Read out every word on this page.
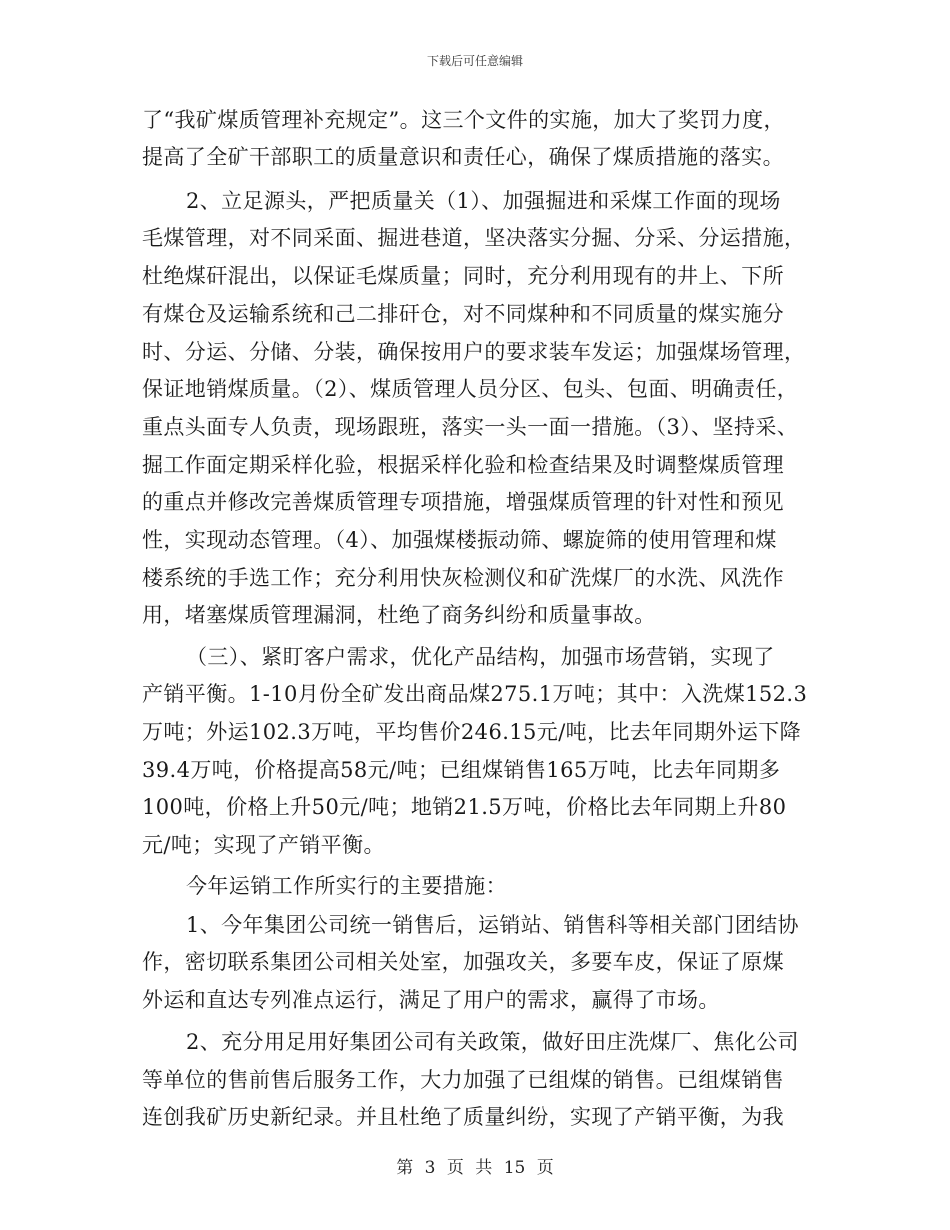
下载后可任意编辑
了“我矿煤质管理补充规定”。这三个文件的实施，加大了奖罚力度，
提高了全矿干部职工的质量意识和责任心，确保了煤质措施的落实。
2、立足源头，严把质量关（1）、加强掘进和采煤工作面的现场
毛煤管理，对不同采面、掘进巷道，坚决落实分掘、分采、分运措施，
杜绝煤矸混出，以保证毛煤质量；同时，充分利用现有的井上、下所
有煤仓及运输系统和己二排矸仓，对不同煤种和不同质量的煤实施分
时、分运、分储、分装，确保按用户的要求装车发运；加强煤场管理，
保证地销煤质量。（2）、煤质管理人员分区、包头、包面、明确责任，
重点头面专人负责，现场跟班，落实一头一面一措施。（3）、坚持采、
掘工作面定期采样化验，根据采样化验和检查结果及时调整煤质管理
的重点并修改完善煤质管理专项措施，增强煤质管理的针对性和预见
性，实现动态管理。（4）、加强煤楼振动筛、螺旋筛的使用管理和煤
楼系统的手选工作；充分利用快灰检测仪和矿洗煤厂的水洗、风洗作
用，堵塞煤质管理漏洞，杜绝了商务纠纷和质量事故。
（三）、紧盯客户需求，优化产品结构，加强市场营销，实现了
产销平衡。1-10月份全矿发出商品煤275.1万吨；其中：入洗煤152.3
万吨；外运102.3万吨，平均售价246.15元/吨，比去年同期外运下降
39.4万吨，价格提高58元/吨；已组煤销售165万吨，比去年同期多
100吨，价格上升50元/吨；地销21.5万吨，价格比去年同期上升80
元/吨；实现了产销平衡。
今年运销工作所实行的主要措施：
1、今年集团公司统一销售后，运销站、销售科等相关部门团结协
作，密切联系集团公司相关处室，加强攻关，多要车皮，保证了原煤
外运和直达专列准点运行，满足了用户的需求，赢得了市场。
2、充分用足用好集团公司有关政策，做好田庄洗煤厂、焦化公司
等单位的售前售后服务工作，大力加强了已组煤的销售。已组煤销售
连创我矿历史新纪录。并且杜绝了质量纠纷，实现了产销平衡，为我
第 3 页 共 15 页
